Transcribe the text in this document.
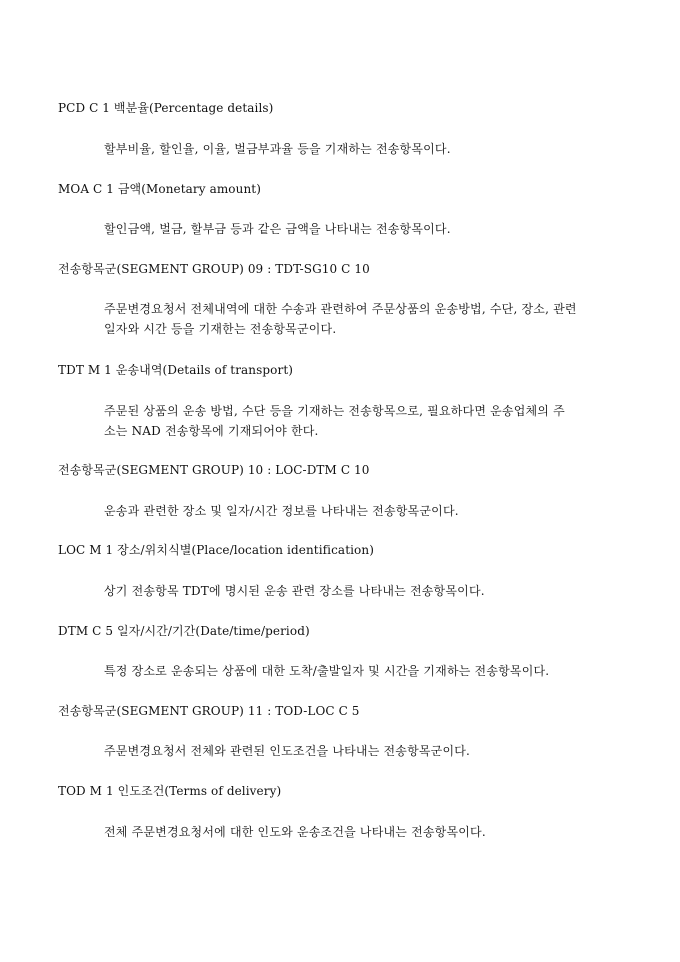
PCD C 1 백분율(Percentage details)
할부비율, 할인율, 이율, 벌금부과율 등을 기재하는 전송항목이다.
MOA C 1 금액(Monetary amount)
할인금액, 벌금, 할부금 등과 같은 금액을 나타내는 전송항목이다.
전송항목군(SEGMENT GROUP) 09 : TDT-SG10 C 10
주문변경요청서 전체내역에 대한 수송과 관련하여 주문상품의 운송방법, 수단, 장소, 관련
일자와 시간 등을 기재한는 전송항목군이다.
TDT M 1 운송내역(Details of transport)
주문된 상품의 운송 방법, 수단 등을 기재하는 전송항목으로, 필요하다면 운송업체의 주
소는 NAD 전송항목에 기재되어야 한다.
전송항목군(SEGMENT GROUP) 10 : LOC-DTM C 10
운송과 관련한 장소 및 일자/시간 정보를 나타내는 전송항목군이다.
LOC M 1 장소/위치식별(Place/location identification)
상기 전송항목 TDT에 명시된 운송 관련 장소를 나타내는 전송항목이다.
DTM C 5 일자/시간/기간(Date/time/period)
특정 장소로 운송되는 상품에 대한 도착/출발일자 및 시간을 기재하는 전송항목이다.
전송항목군(SEGMENT GROUP) 11 : TOD-LOC C 5
주문변경요청서 전체와 관련된 인도조건을 나타내는 전송항목군이다.
TOD M 1 인도조건(Terms of delivery)
전체 주문변경요청서에 대한 인도와 운송조건을 나타내는 전송항목이다.
